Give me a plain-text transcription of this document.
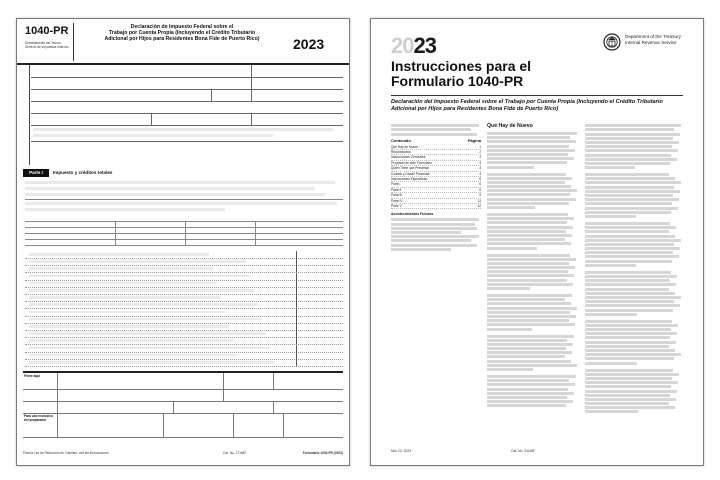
1040-PR
Departamento del Tesoro Servicio de Impuestos Internos
Declaración de Impuesto Federal sobre el
Trabajo por Cuenta Propia (Incluyendo el Crédito Tributario
Adicional por Hijos para Residentes Bona Fide de Puerto Rico)	2023
Parte I	Impuesto y créditos totales
Firme aquí
Para uso exclusivo del preparador
Para la Ley de Reducción de Trámites, vea las instrucciones.	Cat. No. 17184F	Formulario 1040-PR (2023)
2023	Department of the Treasury
Internal Revenue Service
Instrucciones para el Formulario 1040-PR
Declaración del Impuesto Federal sobre el Trabajo por Cuenta Propia (Incluyendo el Crédito Tributario Adicional por Hijos para Residentes Bona Fide de Puerto Rico)
Contenido	Página
Qué Hay de Nuevo	1
Recordatorios	2
Instrucciones Generales	3
Propósito de este Formulario	3
Quién Tiene que Presentar	3
Cuándo y Dónde Presentar	4
Instrucciones Específicas	6
Parte I	6
Parte II	8
Parte III	9
Parte IV	11
Parte V	12
Acontecimientos Futuros
Qué Hay de Nuevo
Nov 22, 2023	Cat. No. 51118F
